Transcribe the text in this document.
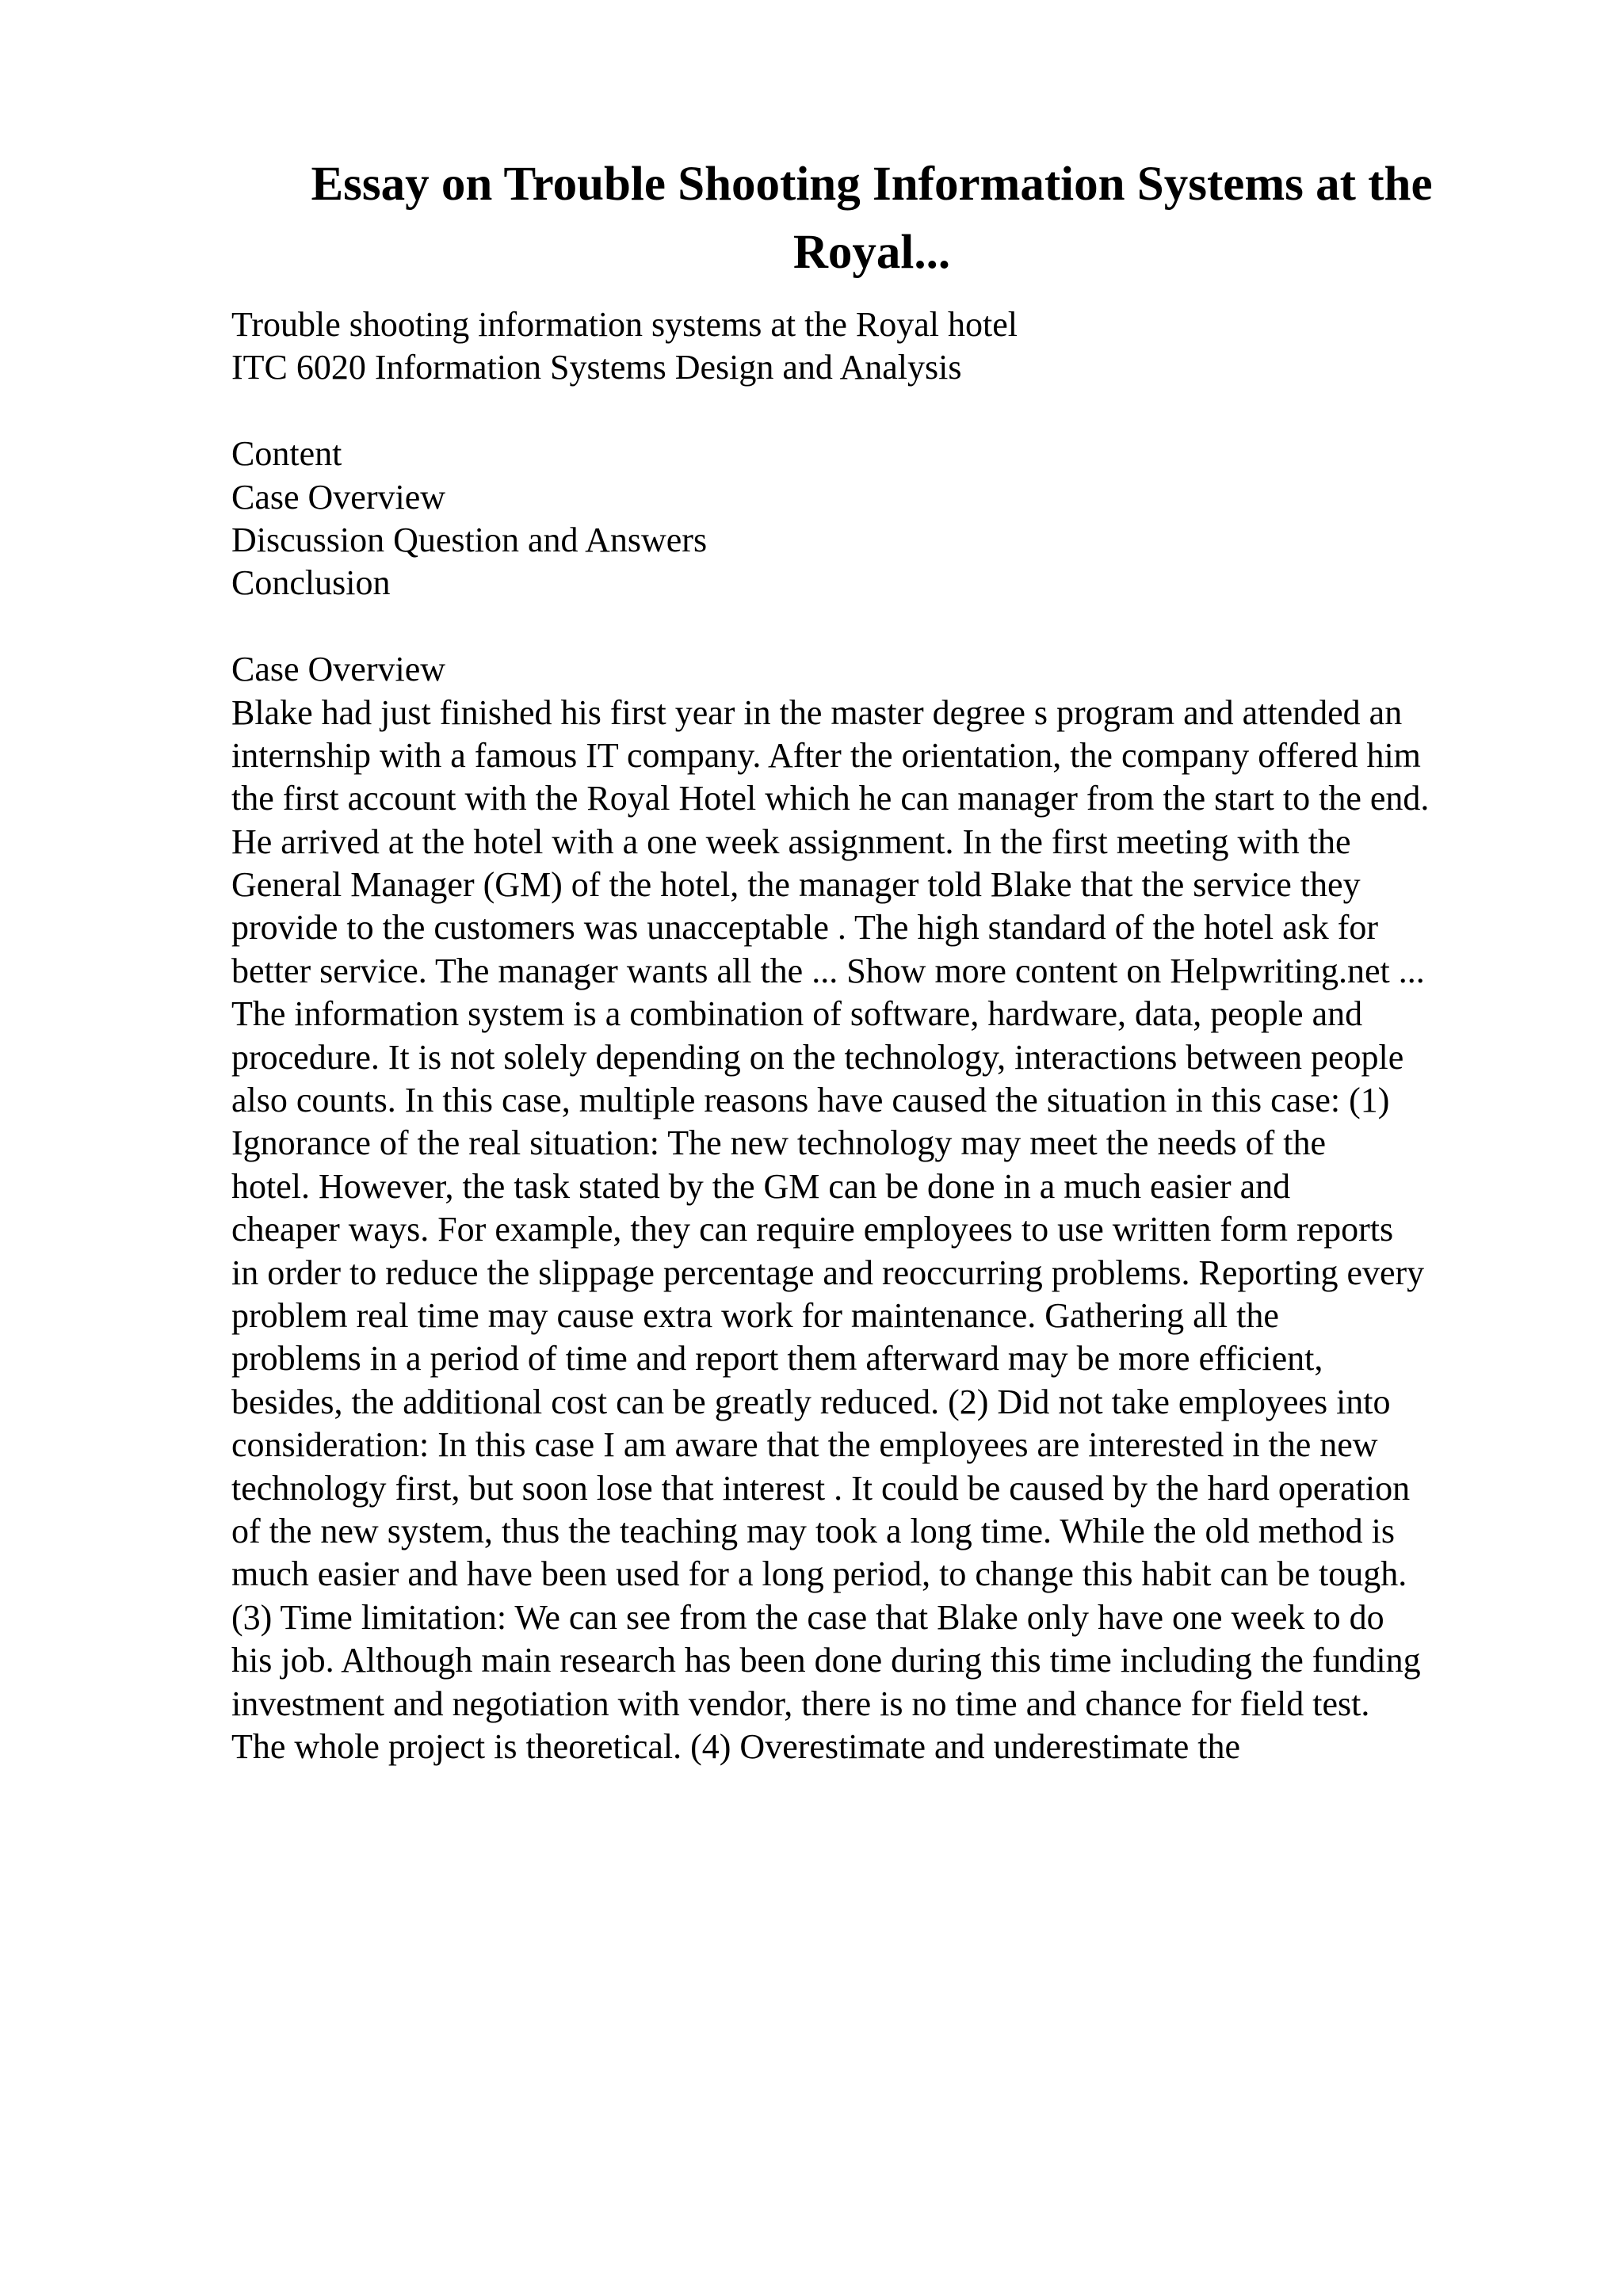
Essay on Trouble Shooting Information Systems at the
Royal...
Trouble shooting information systems at the Royal hotel
ITC 6020 Information Systems Design and Analysis
Content
Case Overview
Discussion Question and Answers
Conclusion
Case Overview
Blake had just finished his first year in the master degree s program and attended an
internship with a famous IT company. After the orientation, the company offered him
the first account with the Royal Hotel which he can manager from the start to the end.
He arrived at the hotel with a one week assignment. In the first meeting with the
General Manager (GM) of the hotel, the manager told Blake that the service they
provide to the customers was unacceptable . The high standard of the hotel ask for
better service. The manager wants all the ... Show more content on Helpwriting.net ...
The information system is a combination of software, hardware, data, people and
procedure. It is not solely depending on the technology, interactions between people
also counts. In this case, multiple reasons have caused the situation in this case: (1)
Ignorance of the real situation: The new technology may meet the needs of the
hotel. However, the task stated by the GM can be done in a much easier and
cheaper ways. For example, they can require employees to use written form reports
in order to reduce the slippage percentage and reoccurring problems. Reporting every
problem real time may cause extra work for maintenance. Gathering all the
problems in a period of time and report them afterward may be more efficient,
besides, the additional cost can be greatly reduced. (2) Did not take employees into
consideration: In this case I am aware that the employees are interested in the new
technology first, but soon lose that interest . It could be caused by the hard operation
of the new system, thus the teaching may took a long time. While the old method is
much easier and have been used for a long period, to change this habit can be tough.
(3) Time limitation: We can see from the case that Blake only have one week to do
his job. Although main research has been done during this time including the funding
investment and negotiation with vendor, there is no time and chance for field test.
The whole project is theoretical. (4) Overestimate and underestimate the
